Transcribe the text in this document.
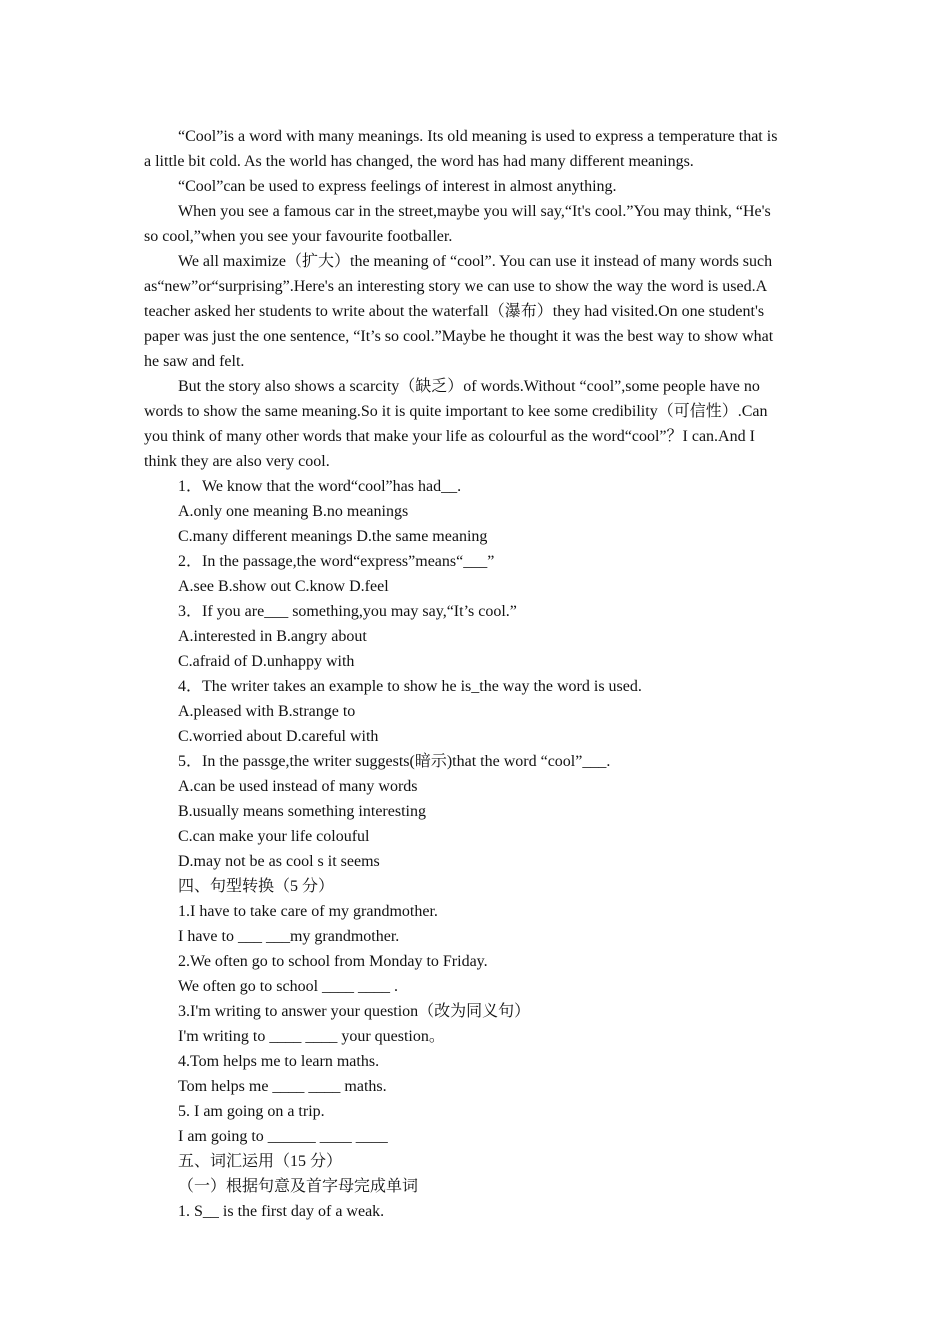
“Cool”is a word with many meanings. Its old meaning is used to express a temperature that is
a little bit cold. As the world has changed, the word has had many different meanings.
“Cool”can be used to express feelings of interest in almost anything.
When you see a famous car in the street,maybe you will say,“It's cool.”You may think, “He's
so cool,”when you see your favourite footballer.
We all maximize（扩大）the meaning of “cool”. You can use it instead of many words such
as“new”or“surprising”.Here's an interesting story we can use to show the way the word is used.A
teacher asked her students to write about the waterfall（瀑布）they had visited.On one student's
paper was just the one sentence, “It’s so cool.”Maybe he thought it was the best way to show what
he saw and felt.
But the story also shows a scarcity（缺乏）of words.Without “cool”,some people have no
words to show the same meaning.So it is quite important to kee some credibility（可信性）.Can
you think of many other words that make your life as colourful as the word“cool”？I can.And I
think they are also very cool.
1．We know that the word“cool”has had__.
A.only one meaning B.no meanings
C.many different meanings D.the same meaning
2．In the passage,the word“express”means“___”
A.see B.show out C.know D.feel
3．If you are___ something,you may say,“It’s cool.”
A.interested in B.angry about
C.afraid of D.unhappy with
4．The writer takes an example to show he is_the way the word is used.
A.pleased with B.strange to
C.worried about D.careful with
5．In the passge,the writer suggests(暗示)that the word “cool”___.
A.can be used instead of many words
B.usually means something interesting
C.can make your life colouful
D.may not be as cool s it seems
四、句型转换（5 分）
1.I have to take care of my grandmother.
I have to ___ ___my grandmother.
2.We often go to school from Monday to Friday.
We often go to school ____ ____ .
3.I'm writing to answer your question（改为同义句）
I'm writing to ____ ____ your question。
4.Tom helps me to learn maths.
Tom helps me ____ ____ maths.
5. I am going on a trip.
I am going to ______ ____ ____
五、词汇运用（15 分）
（一）根据句意及首字母完成单词
1. S__ is the first day of a weak.
